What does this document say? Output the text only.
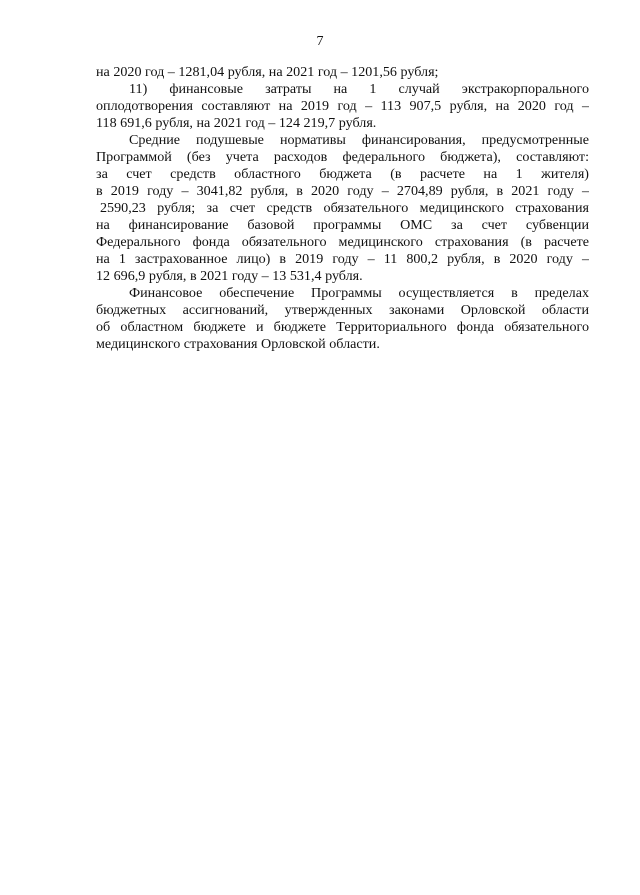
7
на 2020 год – 1281,04 рубля, на 2021 год – 1201,56 рубля;
11) финансовые затраты на 1 случай экстракорпорального
оплодотворения составляют на 2019 год – 113 907,5 рубля, на 2020 год –
118 691,6 рубля, на 2021 год – 124 219,7 рубля.
Средние подушевые нормативы финансирования, предусмотренные
Программой (без учета расходов федерального бюджета), составляют:
за счет средств областного бюджета (в расчете на 1 жителя)
в 2019 году – 3041,82 рубля, в 2020 году – 2704,89 рубля, в 2021 году –
2590,23 рубля; за счет средств обязательного медицинского страхования
на финансирование базовой программы ОМС за счет субвенции
Федерального фонда обязательного медицинского страхования (в расчете
на 1 застрахованное лицо) в 2019 году – 11 800,2 рубля, в 2020 году –
12 696,9 рубля, в 2021 году – 13 531,4 рубля.
Финансовое обеспечение Программы осуществляется в пределах
бюджетных ассигнований, утвержденных законами Орловской области
об областном бюджете и бюджете Территориального фонда обязательного
медицинского страхования Орловской области.
